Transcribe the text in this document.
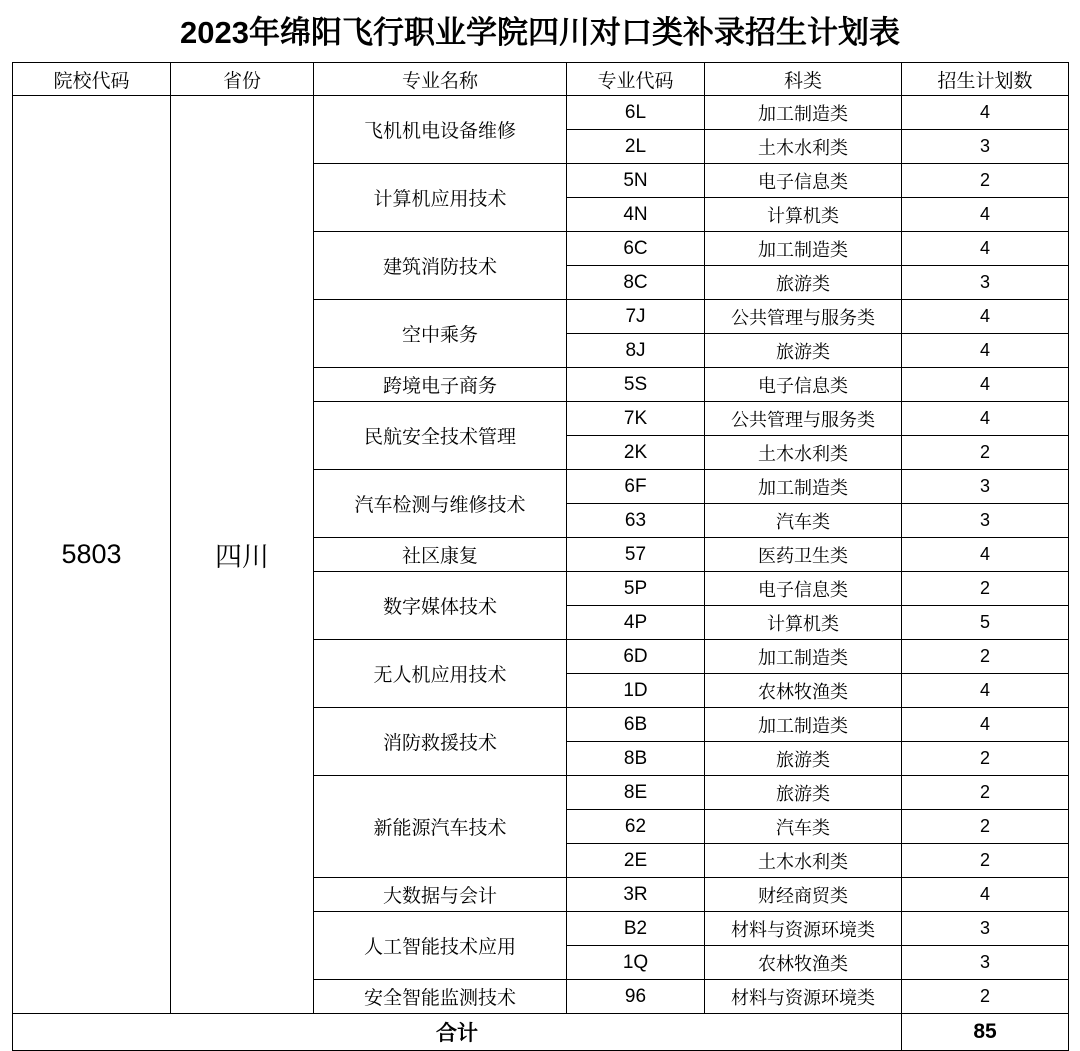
2023年绵阳飞行职业学院四川对口类补录招生计划表
院校代码	省份	专业名称	专业代码	科类	招生计划数
5803	四川	飞机机电设备维修	6L	加工制造类	4
			2L	土木水利类	3
		计算机应用技术	5N	电子信息类	2
			4N	计算机类	4
		建筑消防技术	6C	加工制造类	4
			8C	旅游类	3
		空中乘务	7J	公共管理与服务类	4
			8J	旅游类	4
		跨境电子商务	5S	电子信息类	4
		民航安全技术管理	7K	公共管理与服务类	4
			2K	土木水利类	2
		汽车检测与维修技术	6F	加工制造类	3
			63	汽车类	3
		社区康复	57	医药卫生类	4
		数字媒体技术	5P	电子信息类	2
			4P	计算机类	5
		无人机应用技术	6D	加工制造类	2
			1D	农林牧渔类	4
		消防救援技术	6B	加工制造类	4
			8B	旅游类	2
		新能源汽车技术	8E	旅游类	2
			62	汽车类	2
			2E	土木水利类	2
		大数据与会计	3R	财经商贸类	4
		人工智能技术应用	B2	材料与资源环境类	3
			1Q	农林牧渔类	3
		安全智能监测技术	96	材料与资源环境类	2
合计					85
